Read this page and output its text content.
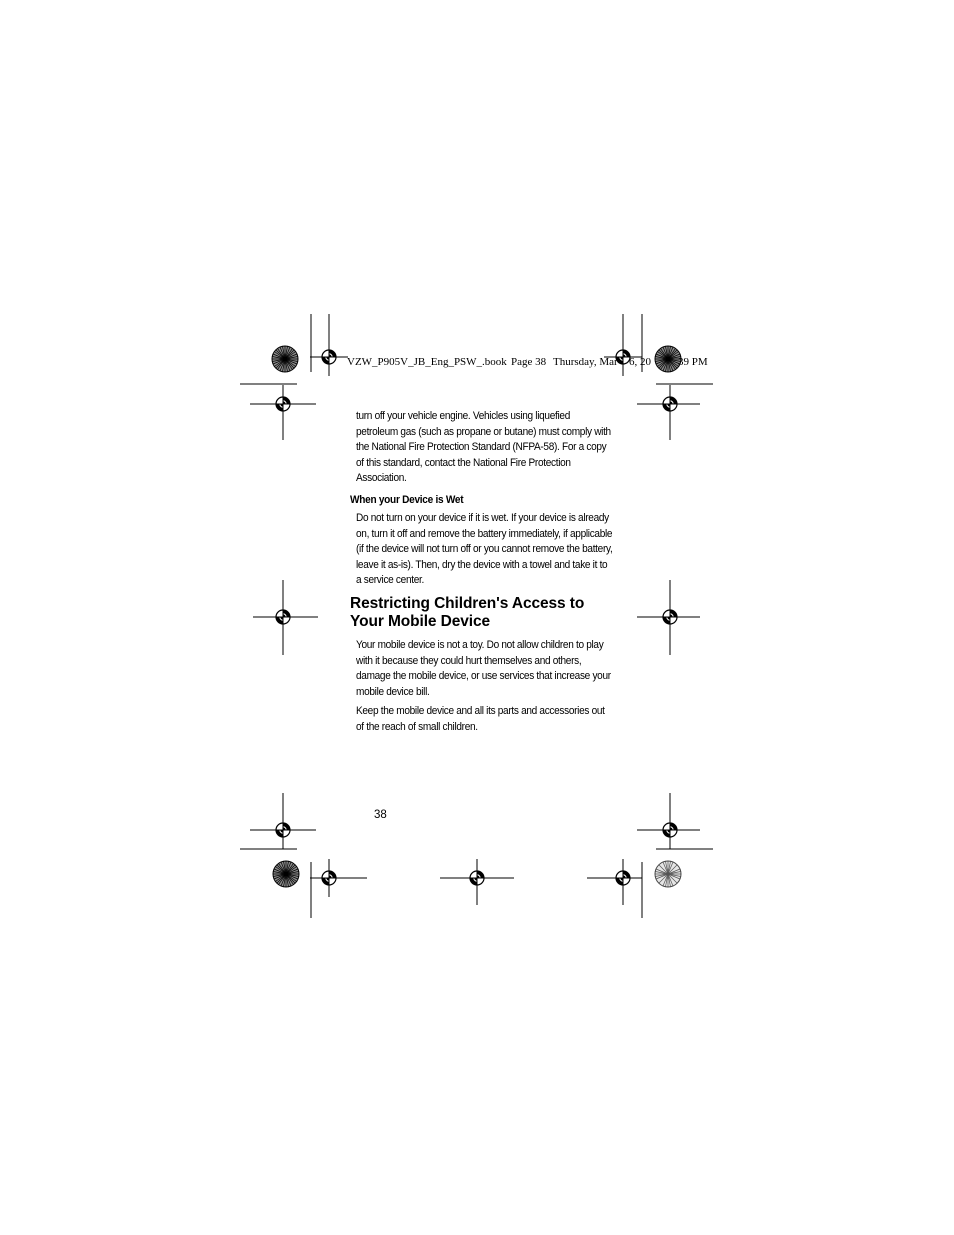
VZW_P905V_JB_Eng_PSW_.book Page 38 Thursday, Mar 6, 20 39 PM

turn off your vehicle engine. Vehicles using liquefied petroleum gas (such as propane or butane) must comply with the National Fire Protection Standard (NFPA-58). For a copy of this standard, contact the National Fire Protection Association.

When your Device is Wet

Do not turn on your device if it is wet. If your device is already on, turn it off and remove the battery immediately, if applicable (if the device will not turn off or you cannot remove the battery, leave it as-is). Then, dry the device with a towel and take it to a service center.

Restricting Children's Access to Your Mobile Device

Your mobile device is not a toy. Do not allow children to play with it because they could hurt themselves and others, damage the mobile device, or use services that increase your mobile device bill.

Keep the mobile device and all its parts and accessories out of the reach of small children.

38
